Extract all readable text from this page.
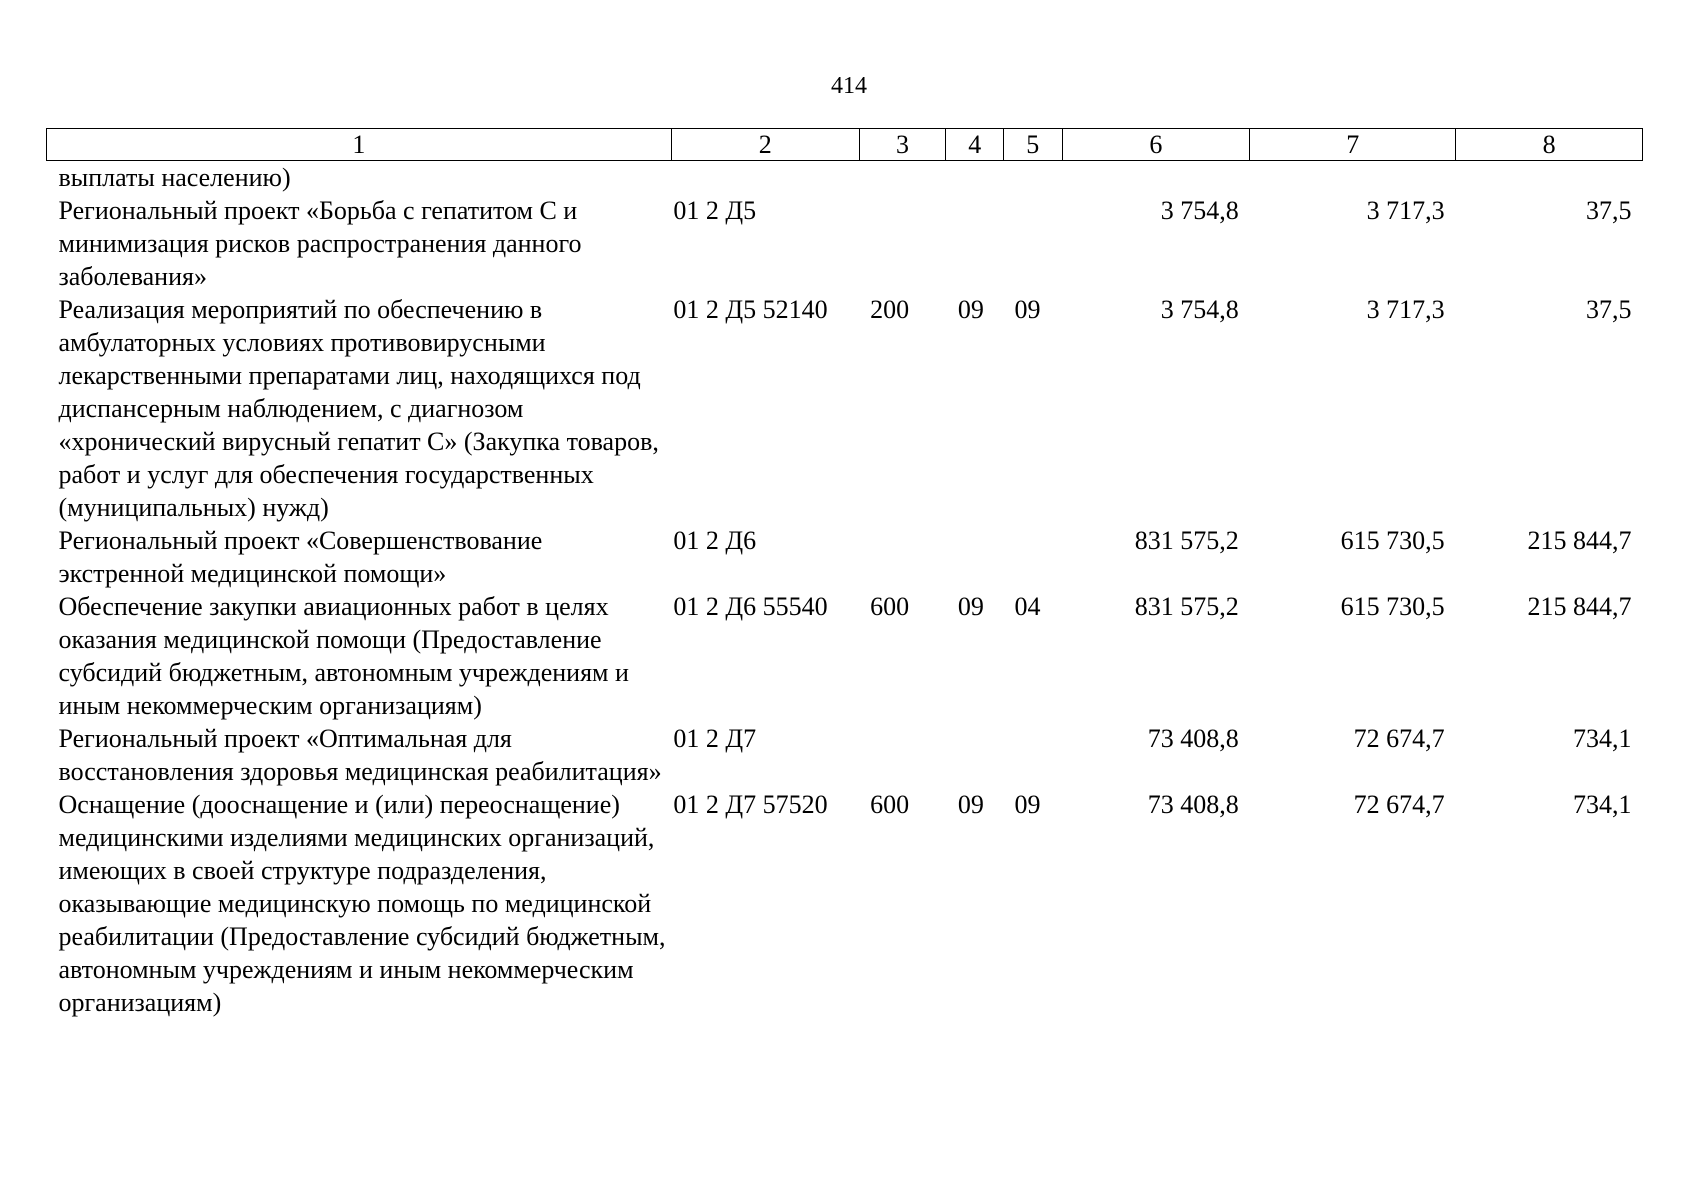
414
1	2	3	4	5	6	7	8
выплаты населению)							
Региональный проект «Борьба с гепатитом С и минимизация рисков распространения данного заболевания»	01 2 Д5				3 754,8	3 717,3	37,5
Реализация мероприятий по обеспечению в амбулаторных условиях противовирусными лекарственными препаратами лиц, находящихся под диспансерным наблюдением, с диагнозом «хронический вирусный гепатит С» (Закупка товаров, работ и услуг для обеспечения государственных (муниципальных) нужд)	01 2 Д5 52140	200	09	09	3 754,8	3 717,3	37,5
Региональный проект «Совершенствование экстренной медицинской помощи»	01 2 Д6				831 575,2	615 730,5	215 844,7
Обеспечение закупки авиационных работ в целях оказания медицинской помощи (Предоставление субсидий бюджетным, автономным учреждениям и иным некоммерческим организациям)	01 2 Д6 55540	600	09	04	831 575,2	615 730,5	215 844,7
Региональный проект «Оптимальная для восстановления здоровья медицинская реабилитация»	01 2 Д7				73 408,8	72 674,7	734,1
Оснащение (дооснащение и (или) переоснащение) медицинскими изделиями медицинских организаций, имеющих в своей структуре подразделения, оказывающие медицинскую помощь по медицинской реабилитации (Предоставление субсидий бюджетным, автономным учреждениям и иным некоммерческим организациям)	01 2 Д7 57520	600	09	09	73 408,8	72 674,7	734,1
